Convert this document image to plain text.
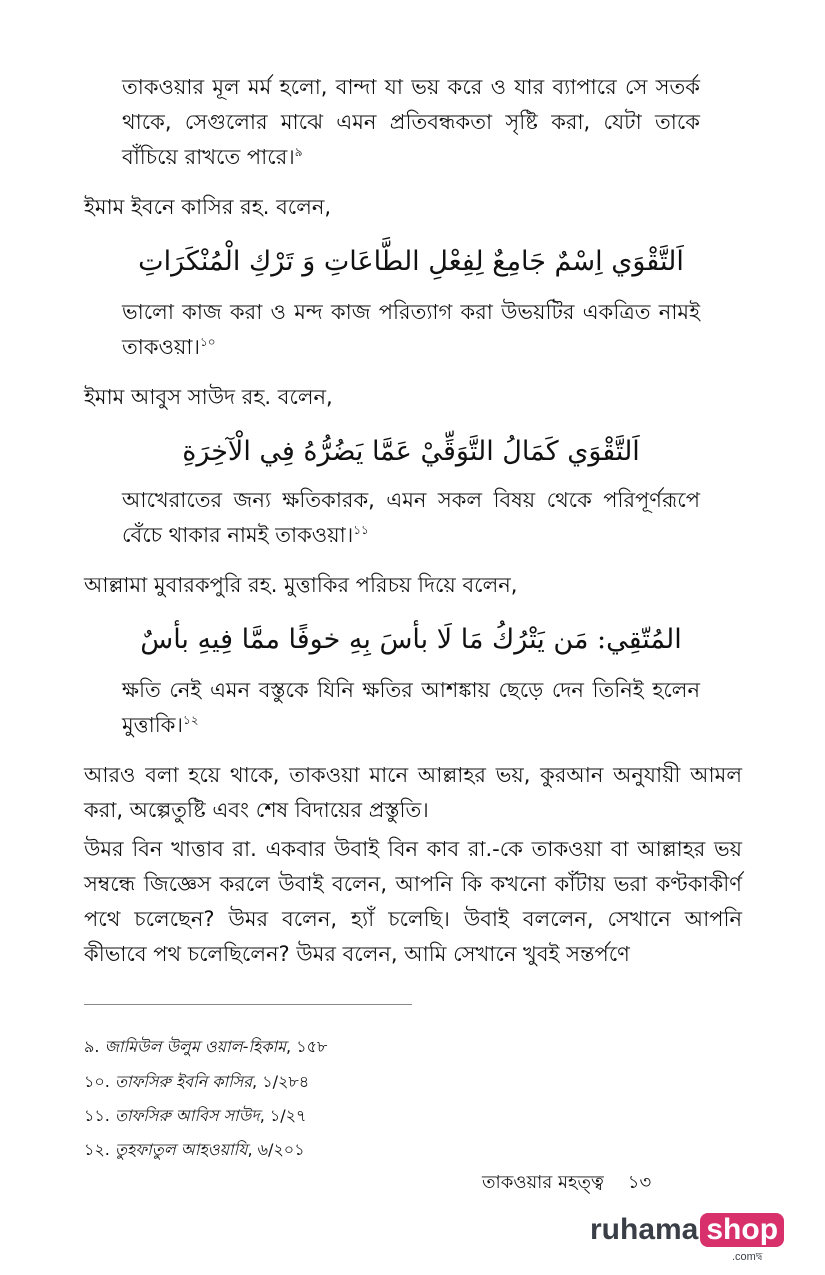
তাকওয়ার মূল মর্ম হলো, বান্দা যা ভয় করে ও যার ব্যাপারে সে সতর্ক থাকে, সেগুলোর মাঝে এমন প্রতিবন্ধকতা সৃষ্টি করা, যেটা তাকে বাঁচিয়ে রাখতে পারে।$^৯$
ইমাম ইবনে কাসির রহ. বলেন,
اَلتَّقْوَي اِسْمٌ جَامِعٌ لِفِعْلِ الطَّاعَاتِ وَ تَرْكِ الْمُنْكَرَاتِ
ভালো কাজ করা ও মন্দ কাজ পরিত্যাগ করা উভয়টির একত্রিত নামই তাকওয়া।$^{১০}$
ইমাম আবুস সাউদ রহ. বলেন,
اَلتَّقْوَي كَمَالُ التَّوَقِّيْ عَمَّا يَضُرُّهُ فِي الْآخِرَةِ
আখেরাতের জন্য ক্ষতিকারক, এমন সকল বিষয় থেকে পরিপূর্ণরূপে বেঁচে থাকার নামই তাকওয়া।$^{১১}$
আল্লামা মুবারকপুরি রহ. মুত্তাকির পরিচয় দিয়ে বলেন,
المُتّقِي: مَن يَتْرُكُ مَا لَا بأسَ بِهِ خوفًا ممَّا فِيهِ بأسٌ
ক্ষতি নেই এমন বস্তুকে যিনি ক্ষতির আশঙ্কায় ছেড়ে দেন তিনিই হলেন মুত্তাকি।$^{১২}$
আরও বলা হয়ে থাকে, তাকওয়া মানে আল্লাহর ভয়, কুরআন অনুযায়ী আমল করা, অল্পেতুষ্টি এবং শেষ বিদায়ের প্রস্তুতি।
উমর বিন খাত্তাব রা. একবার উবাই বিন কাব রা.-কে তাকওয়া বা আল্লাহর ভয় সম্বন্ধে জিজ্ঞেস করলে উবাই বলেন, আপনি কি কখনো কাঁটায় ভরা কণ্টকাকীর্ণ পথে চলেছেন? উমর বলেন, হ্যাঁ চলেছি। উবাই বললেন, সেখানে আপনি কীভাবে পথ চলেছিলেন? উমর বলেন, আমি সেখানে খুবই সন্তর্পণে
৯. জামিউল উলুম ওয়াল-হিকাম, ১৫৮
১০. তাফসিরু ইবনি কাসির, ১/২৮৪
১১. তাফসিরু আবিস সাউদ, ১/২৭
১২. তুহফাতুল আহওয়াযি, ৬/২০১
তাকওয়ার মহত্ত্ব ১৩
ruhama shop
.comদ্ব
